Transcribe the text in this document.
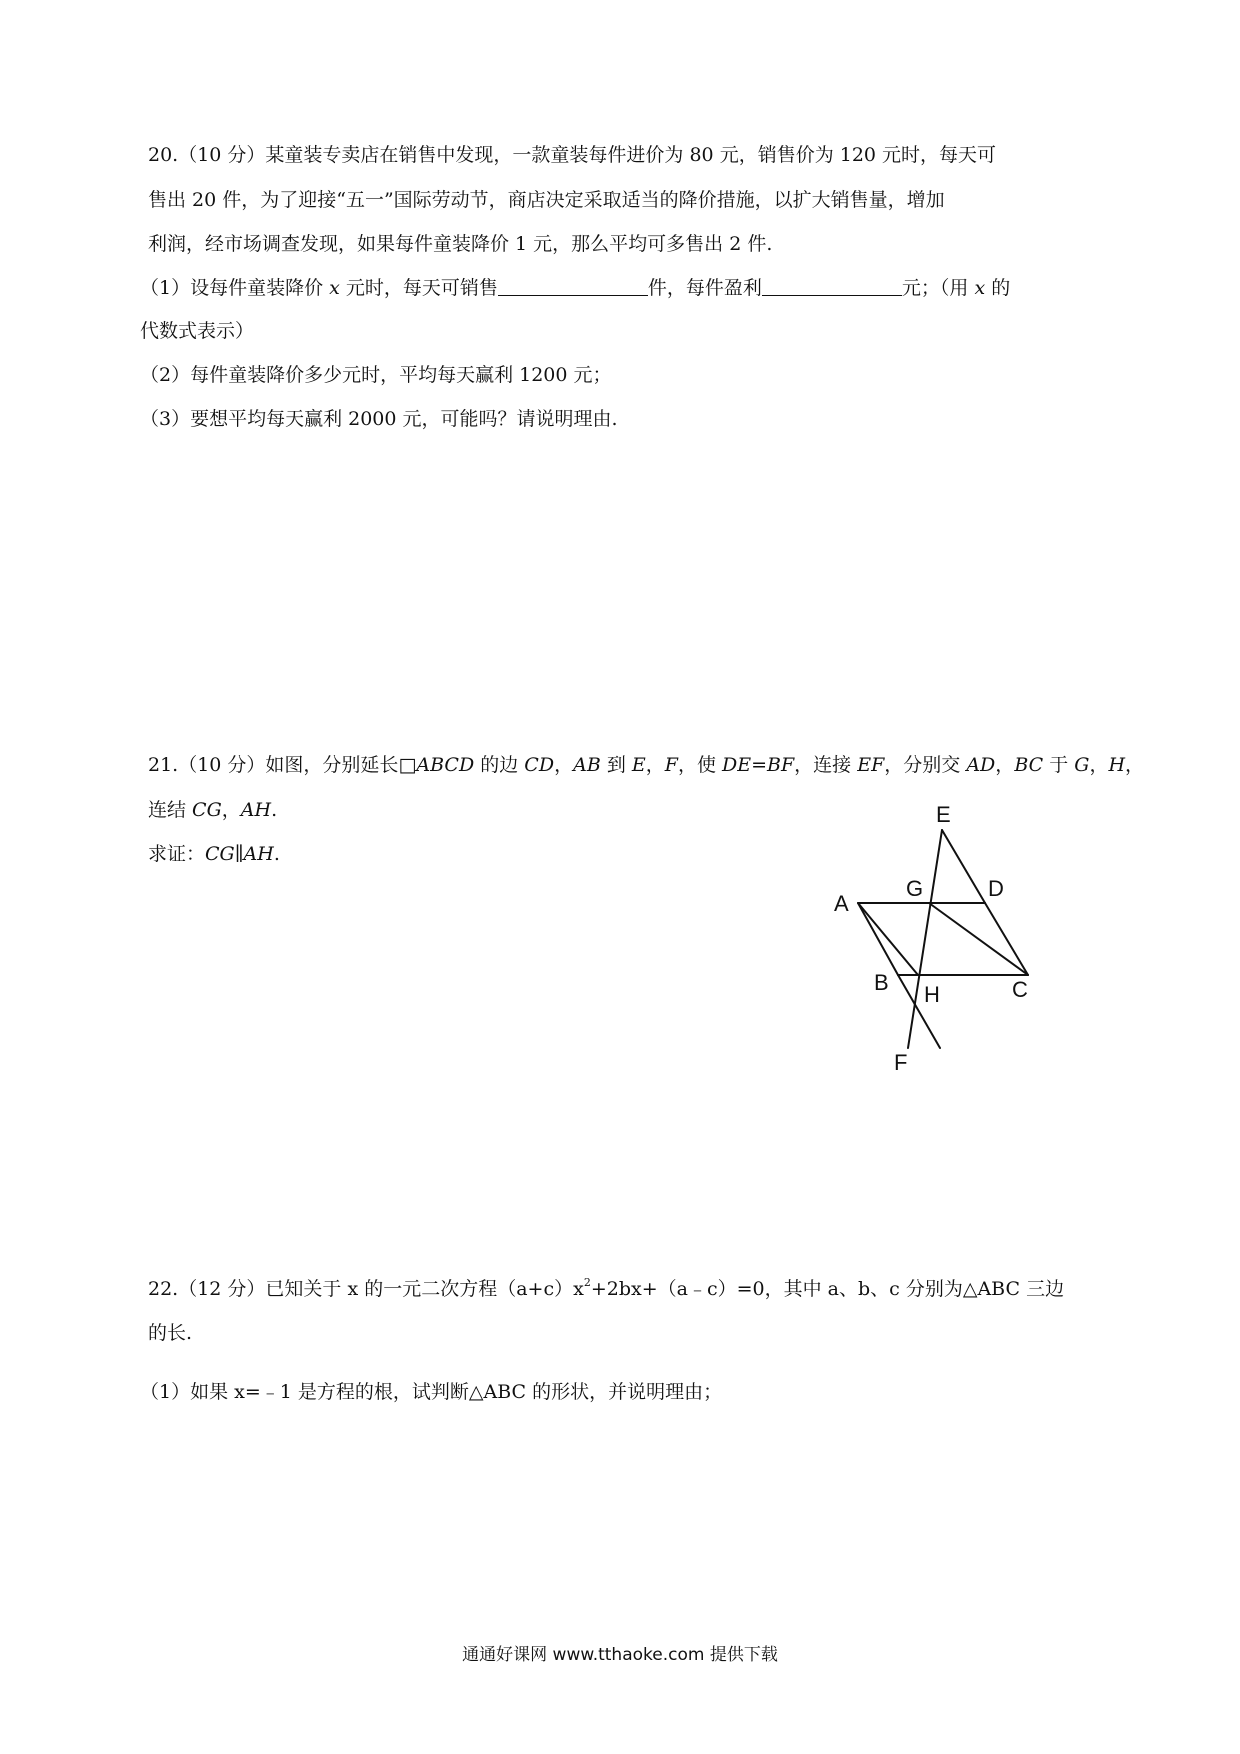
20.（10 分）某童装专卖店在销售中发现，一款童装每件进价为 80 元，销售价为 120 元时，每天可
售出 20 件，为了迎接“五一”国际劳动节，商店决定采取适当的降价措施，以扩大销售量，增加
利润，经市场调查发现，如果每件童装降价 1 元，那么平均可多售出 2 件.
（1）设每件童装降价 x 元时，每天可销售	件，每件盈利	元；（用 x 的
代数式表示）
（2）每件童装降价多少元时，平均每天赢利 1200 元；
（3）要想平均每天赢利 2000 元，可能吗？请说明理由.
21.（10 分）如图，分别延长□ABCD 的边 CD，AB 到 E，F，使 DE=BF，连接 EF，分别交 AD，BC 于 G，H，
连结 CG，AH.
求证：CG∥AH.
E
G	D
A
B H	C
F
22.（12 分）已知关于 x 的一元二次方程$(a+c)x^2+2bx+(a﹣c)=0$，其中 a、b、c 分别为△ABC 三边
的长.
（1）如果 x=﹣1 是方程的根，试判断△ABC 的形状，并说明理由；
通通好课网 www.tthaoke.com 提供下载
